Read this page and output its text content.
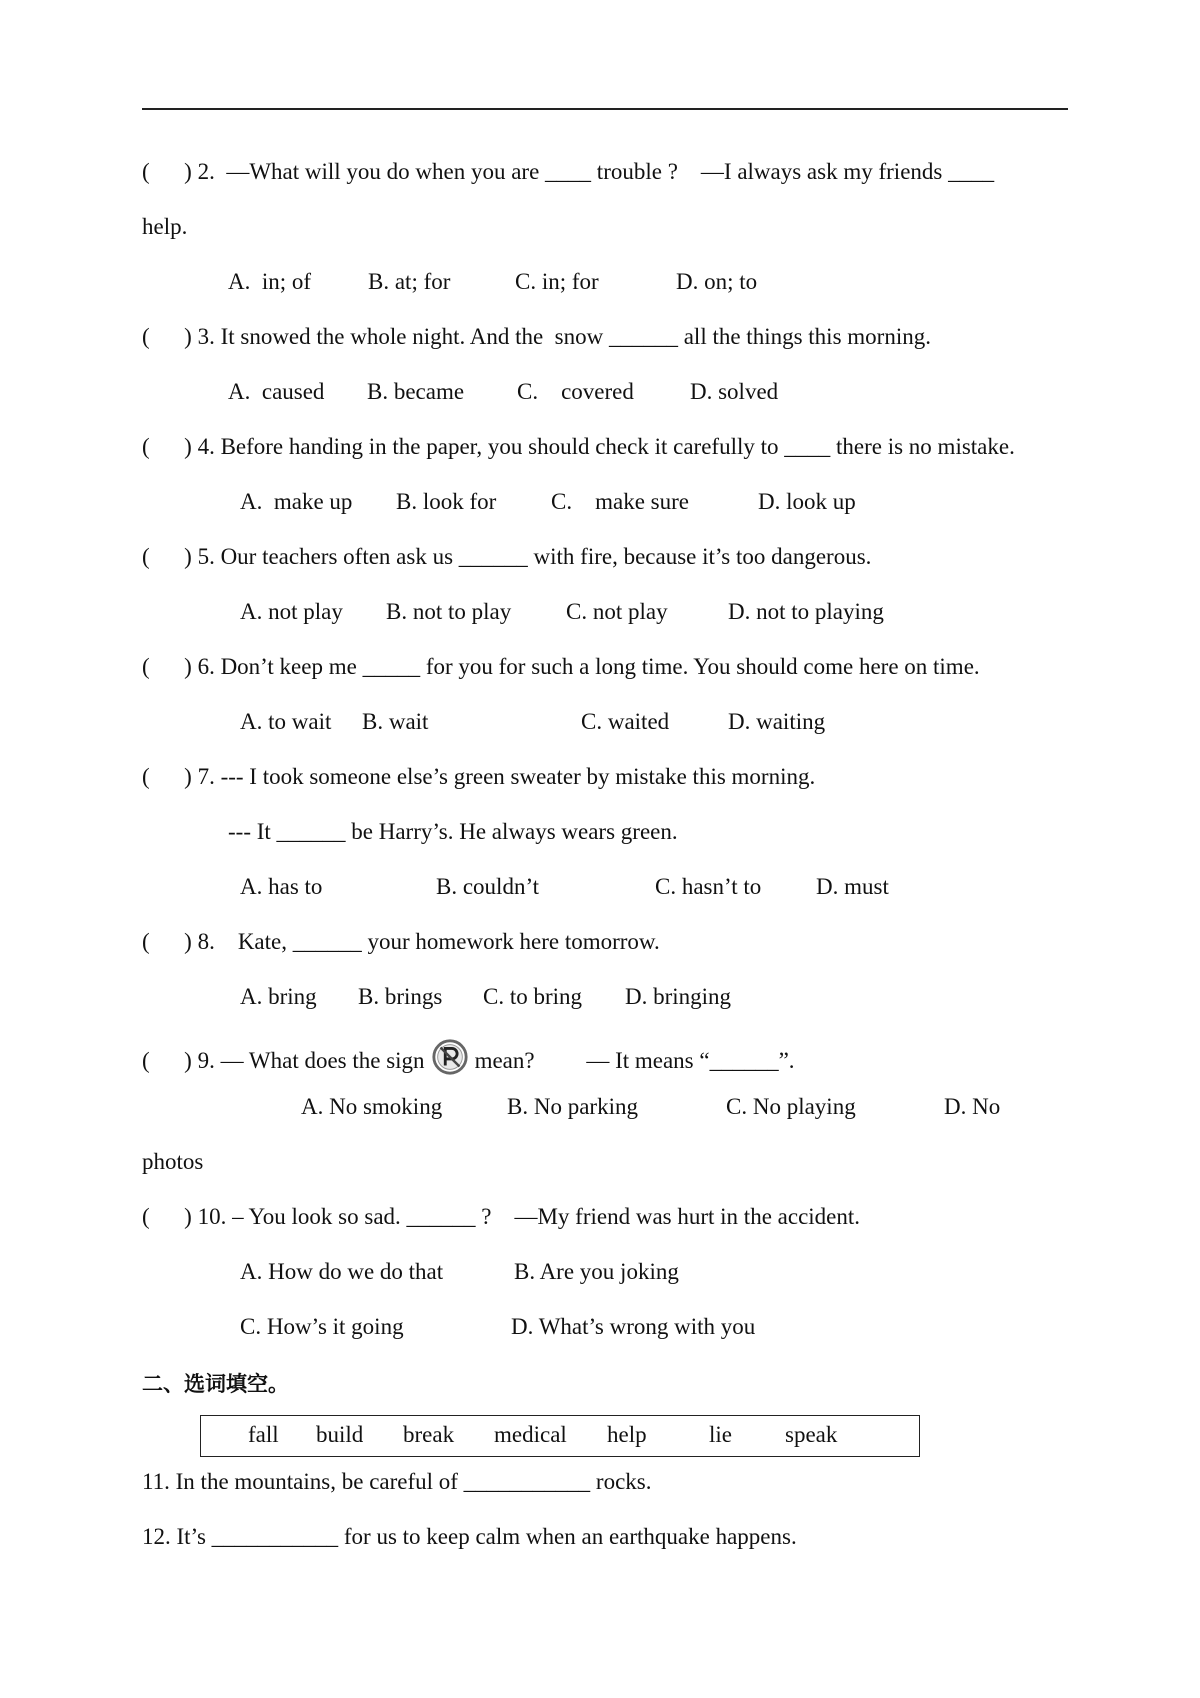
(      ) 2.  —What will you do when you are ____ trouble ?    —I always ask my friends ____
help.
A.  in; of B. at; for	C. in; for	D. on; to
(      ) 3. It snowed the whole night. And the  snow ______ all the things this morning.
A.  caused B. became C.    covered D. solved
(      ) 4. Before handing in the paper, you should check it carefully to ____ there is no mistake.
A.  make up B. look for C.    make sure	D. look up
(      ) 5. Our teachers often ask us ______ with fire, because it’s too dangerous.
A. not play B. not to play C. not play	D. not to playing
(      ) 6. Don’t keep me _____ for you for such a long time. You should come here on time.
A. to wait B. wait	C. waited	D. waiting
(      ) 7. --- I took someone else’s green sweater by mistake this morning.
--- It ______ be Harry’s. He always wears green.
A. has to	B. couldn’t	C. hasn’t to D. must
(      ) 8.    Kate, ______ your homework here tomorrow.
A. bring B. brings C. to bring D. bringing
(      ) 9. — What does the sign mean?         — It means “______”.
A. No smoking	B. No parking	C. No playing	D. No
photos
(      ) 10. – You look so sad. ______ ?    —My friend was hurt in the accident.
A. How do we do that	B. Are you joking
C. How’s it going	D. What’s wrong with you
二、选词填空。
fall build break medical help	lie speak
11. In the mountains, be careful of ___________ rocks.
12. It’s ___________ for us to keep calm when an earthquake happens.
